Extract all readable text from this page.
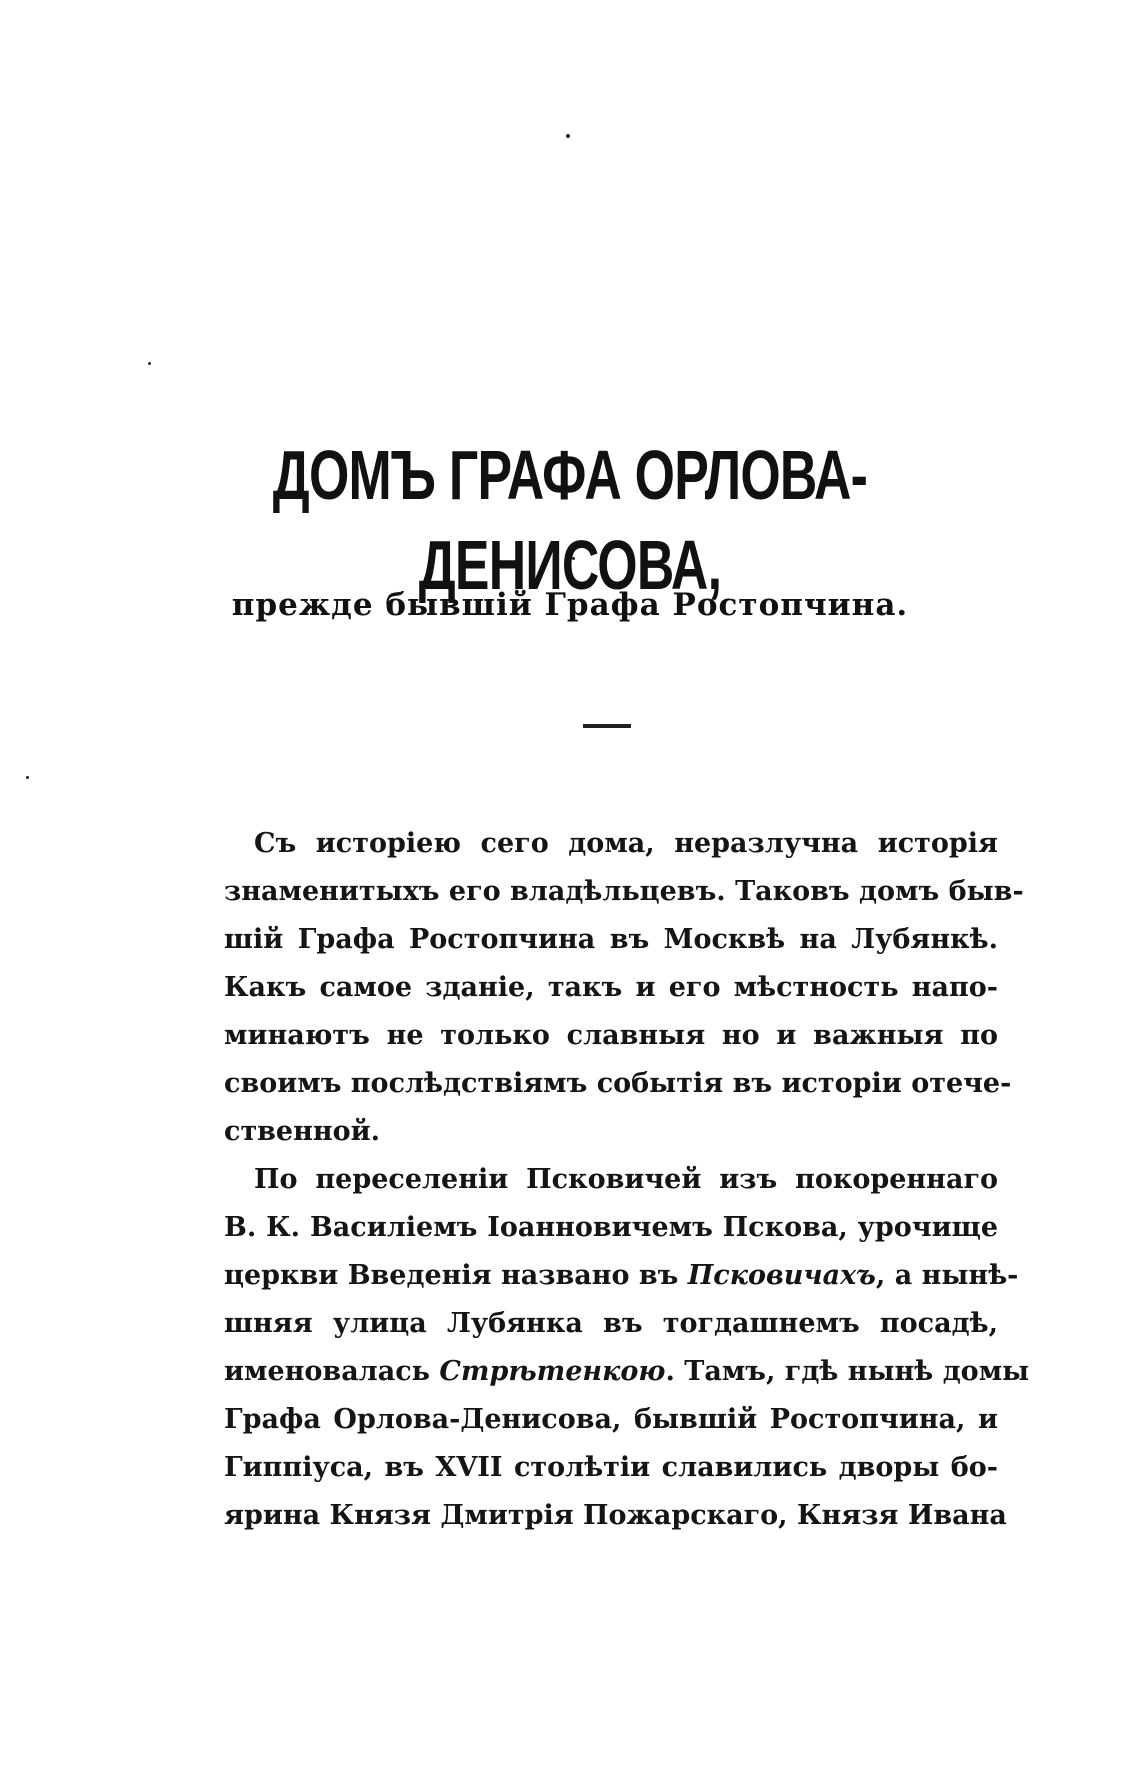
ДОМЪ ГРАФА ОРЛОВА-ДЕНИСОВА,
прежде бывшій Графа Ростопчина.
Съ исторіею сего дома, неразлучна исторія
знаменитыхъ его владѣльцевъ. Таковъ домъ быв-
шій Графа Ростопчина въ Москвѣ на Лубянкѣ.
Какъ самое зданіе, такъ и его мѣстность напо-
минаютъ не только славныя но и важныя по
своимъ послѣдствіямъ событія въ исторіи отече-
ственной.
По переселеніи Псковичей изъ покореннаго
В. К. Василіемъ Іоанновичемъ Пскова, урочище
церкви Введенія названо въ Псковичахъ, а нынѣ-
шняя улица Лубянка въ тогдашнемъ посадѣ,
именовалась Стрѣтенкою. Тамъ, гдѣ нынѣ домы
Графа Орлова-Денисова, бывшій Ростопчина, и
Гиппіуса, въ XVII столѣтіи славились дворы бо-
ярина Князя Дмитрія Пожарскаго, Князя Ивана
